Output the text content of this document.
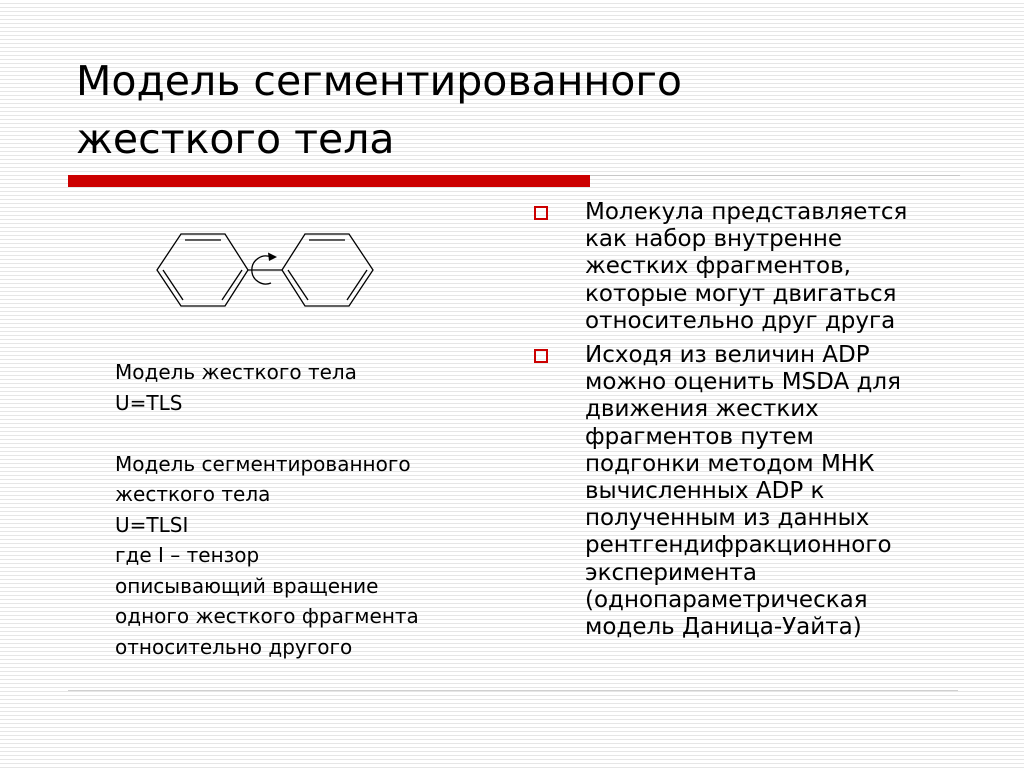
Модель сегментированного
жесткого тела
Модель жесткого тела
U=TLS
Модель сегментированного
жесткого тела
U=TLSI
где I – тензор
описывающий вращение
одного жесткого фрагмента
относительно другого
Молекула представляется
как набор внутренне
жестких фрагментов,
которые могут двигаться
относительно друг друга
Исходя из величин ADP
можно оценить MSDA для
движения жестких
фрагментов путем
подгонки методом МНК
вычисленных ADP к
полученным из данных
рентгендифракционного
эксперимента
(однопараметрическая
модель Даница-Уайта)
